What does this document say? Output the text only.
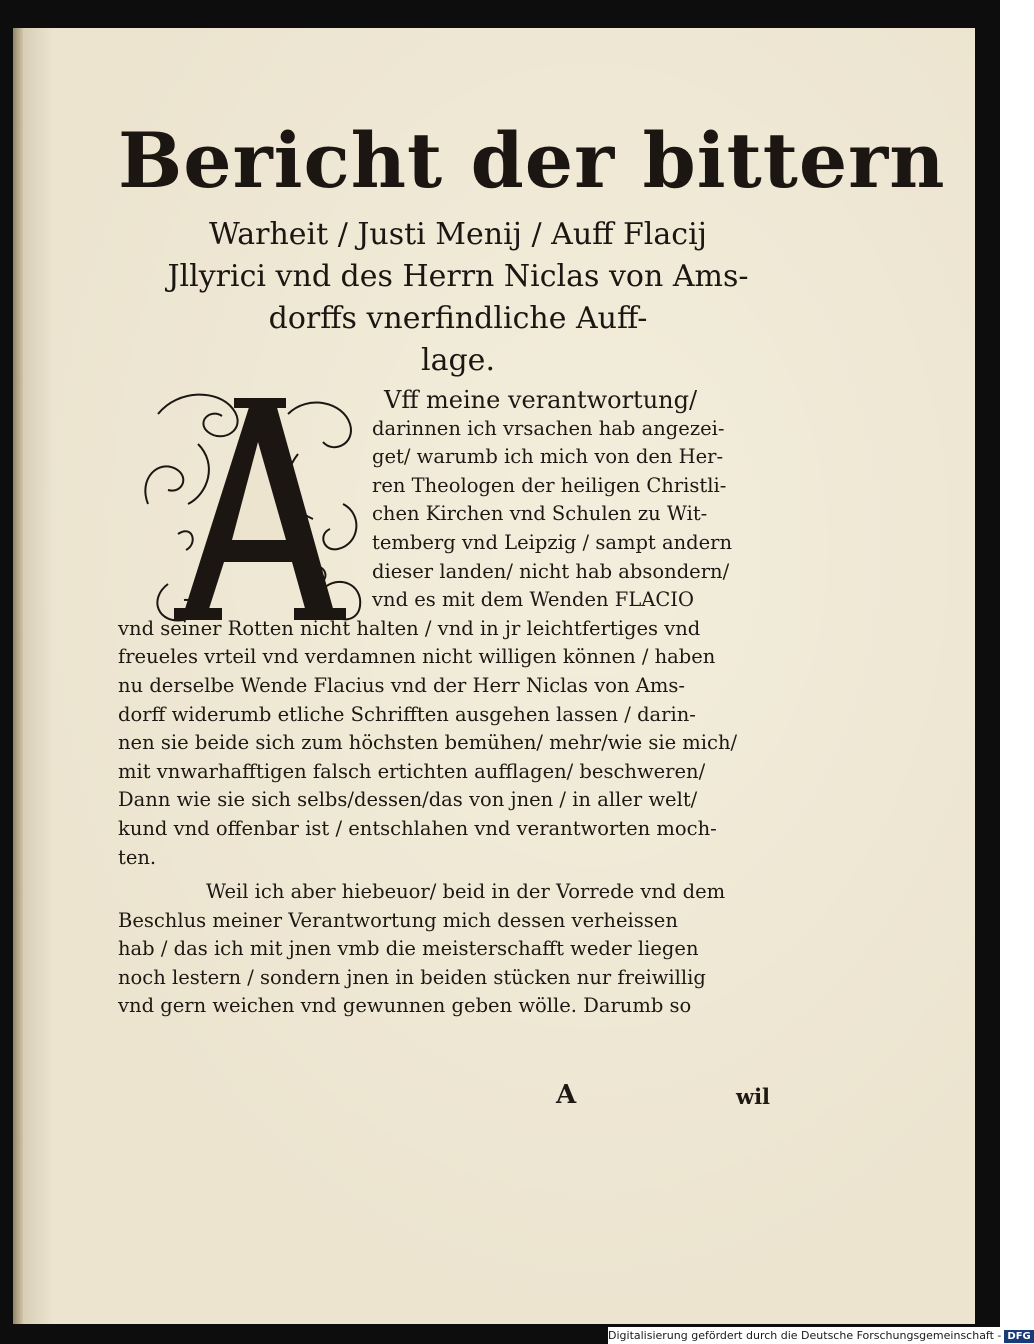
Bericht der bittern
Warheit / Justi Menij / Auff Flacij
Jllyrici vnd des Herrn Niclas von Ams-
dorffs vnerfindliche Auff-
lage.
Vff meine verantwortung/
darinnen ich vrsachen hab angezei-
get/ warumb ich mich von den Her-
ren Theologen der heiligen Christli-
chen Kirchen vnd Schulen zu Wit-
temberg vnd Leipzig / sampt andern
dieser landen/ nicht hab absondern/
vnd es mit dem Wenden FLACIO
vnd seiner Rotten nicht halten / vnd in jr leichtfertiges vnd
freueles vrteil vnd verdamnen nicht willigen können / haben
nu derselbe Wende Flacius vnd der Herr Niclas von Ams-
dorff widerumb etliche Schrifften ausgehen lassen / darin-
nen sie beide sich zum höchsten bemühen/ mehr/wie sie mich/
mit vnwarhafftigen falsch ertichten aufflagen/ beschweren/
Dann wie sie sich selbs/dessen/das von jnen / in aller welt/
kund vnd offenbar ist / entschlahen vnd verantworten moch-
ten.
Weil ich aber hiebeuor/ beid in der Vorrede vnd dem
Beschlus meiner Verantwortung mich dessen verheissen
hab / das ich mit jnen vmb die meisterschafft weder liegen
noch lestern / sondern jnen in beiden stücken nur freiwillig
vnd gern weichen vnd gewunnen geben wölle. Darumb so
A	wil
Digitalisierung gefördert durch die Deutsche Forschungsgemeinschaft - DFG
